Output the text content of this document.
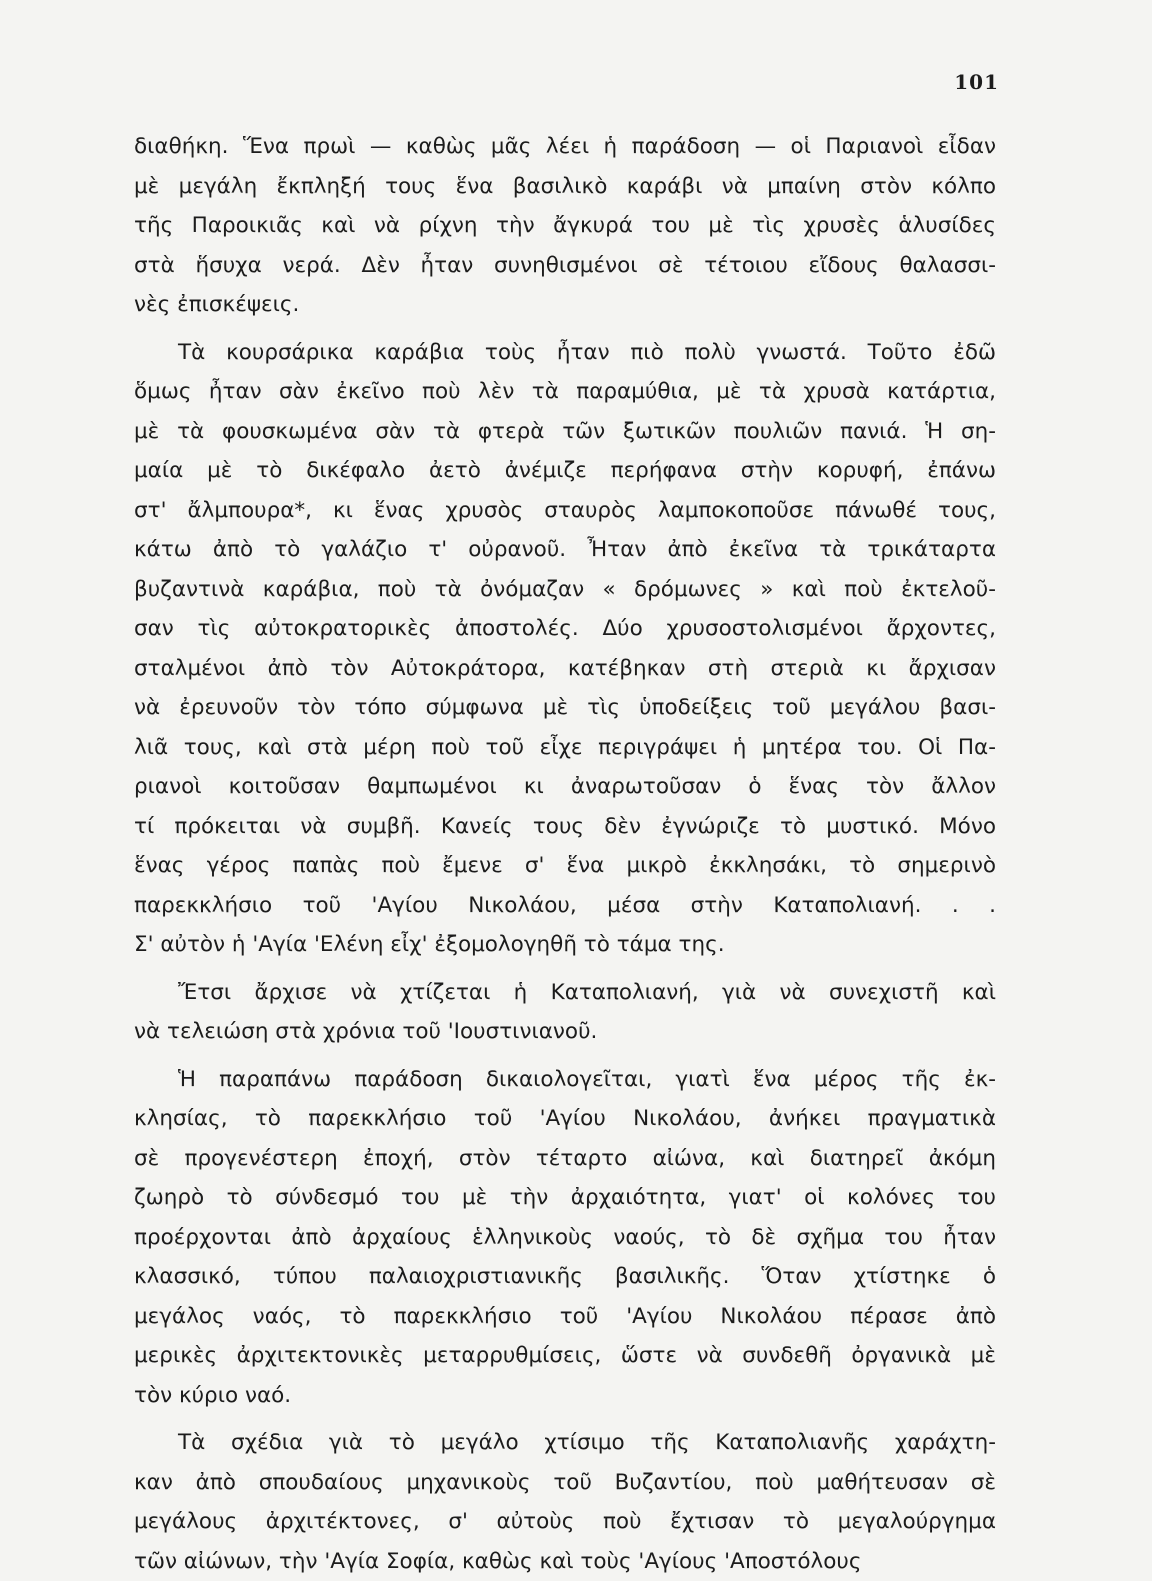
101
διαθήκη. Ἕνα πρωὶ — καθὼς μᾶς λέει ἡ παράδοση — οἱ Παριανοὶ εἶδαν
μὲ μεγάλη ἔκπληξή τους ἕνα βασιλικὸ καράβι νὰ μπαίνη στὸν κόλπο
τῆς Παροικιᾶς καὶ νὰ ρίχνη τὴν ἄγκυρά του μὲ τὶς χρυσὲς ἁλυσίδες
στὰ ἥσυχα νερά. Δὲν ἦταν συνηθισμένοι σὲ τέτοιου εἴδους θαλασσι-
νὲς ἐπισκέψεις.
Τὰ κουρσάρικα καράβια τοὺς ἦταν πιὸ πολὺ γνωστά. Τοῦτο ἐδῶ
ὅμως ἦταν σὰν ἐκεῖνο ποὺ λὲν τὰ παραμύθια, μὲ τὰ χρυσὰ κατάρτια,
μὲ τὰ φουσκωμένα σὰν τὰ φτερὰ τῶν ξωτικῶν πουλιῶν πανιά. Ἡ ση-
μαία μὲ τὸ δικέφαλο ἀετὸ ἀνέμιζε περήφανα στὴν κορυφή, ἐπάνω
στ' ἄλμπουρα*, κι ἕνας χρυσὸς σταυρὸς λαμποκοποῦσε πάνωθέ τους,
κάτω ἀπὸ τὸ γαλάζιο τ' οὐρανοῦ. Ἦταν ἀπὸ ἐκεῖνα τὰ τρικάταρτα
βυζαντινὰ καράβια, ποὺ τὰ ὀνόμαζαν « δρόμωνες » καὶ ποὺ ἐκτελοῦ-
σαν τὶς αὐτοκρατορικὲς ἀποστολές. Δύο χρυσοστολισμένοι ἄρχοντες,
σταλμένοι ἀπὸ τὸν Αὐτοκράτορα, κατέβηκαν στὴ στεριὰ κι ἄρχισαν
νὰ ἐρευνοῦν τὸν τόπο σύμφωνα μὲ τὶς ὑποδείξεις τοῦ μεγάλου βασι-
λιᾶ τους, καὶ στὰ μέρη ποὺ τοῦ εἶχε περιγράψει ἡ μητέρα του. Οἱ Πα-
ριανοὶ κοιτοῦσαν θαμπωμένοι κι ἀναρωτοῦσαν ὁ ἕνας τὸν ἄλλον
τί πρόκειται νὰ συμβῆ. Κανείς τους δὲν ἐγνώριζε τὸ μυστικό. Μόνο
ἕνας γέρος παπὰς ποὺ ἔμενε σ' ἕνα μικρὸ ἐκκλησάκι, τὸ σημερινὸ
παρεκκλήσιο τοῦ 'Αγίου Νικολάου, μέσα στὴν Καταπολιανή. . .
Σ' αὐτὸν ἡ 'Αγία 'Ελένη εἶχ' ἐξομολογηθῆ τὸ τάμα της.
Ἔτσι ἄρχισε νὰ χτίζεται ἡ Καταπολιανή, γιὰ νὰ συνεχιστῆ καὶ
νὰ τελειώση στὰ χρόνια τοῦ 'Ιουστινιανοῦ.
Ἡ παραπάνω παράδοση δικαιολογεῖται, γιατὶ ἕνα μέρος τῆς ἐκ-
κλησίας, τὸ παρεκκλήσιο τοῦ 'Αγίου Νικολάου, ἀνήκει πραγματικὰ
σὲ προγενέστερη ἐποχή, στὸν τέταρτο αἰώνα, καὶ διατηρεῖ ἀκόμη
ζωηρὸ τὸ σύνδεσμό του μὲ τὴν ἀρχαιότητα, γιατ' οἱ κολόνες του
προέρχονται ἀπὸ ἀρχαίους ἑλληνικοὺς ναούς, τὸ δὲ σχῆμα του ἦταν
κλασσικό, τύπου παλαιοχριστιανικῆς βασιλικῆς. Ὅταν χτίστηκε ὁ
μεγάλος ναός, τὸ παρεκκλήσιο τοῦ 'Αγίου Νικολάου πέρασε ἀπὸ
μερικὲς ἀρχιτεκτονικὲς μεταρρυθμίσεις, ὥστε νὰ συνδεθῆ ὀργανικὰ μὲ
τὸν κύριο ναό.
Τὰ σχέδια γιὰ τὸ μεγάλο χτίσιμο τῆς Καταπολιανῆς χαράχτη-
καν ἀπὸ σπουδαίους μηχανικοὺς τοῦ Βυζαντίου, ποὺ μαθήτευσαν σὲ
μεγάλους ἀρχιτέκτονες, σ' αὐτοὺς ποὺ ἔχτισαν τὸ μεγαλούργημα
τῶν αἰώνων, τὴν 'Αγία Σοφία, καθὼς καὶ τοὺς 'Αγίους 'Αποστόλους
